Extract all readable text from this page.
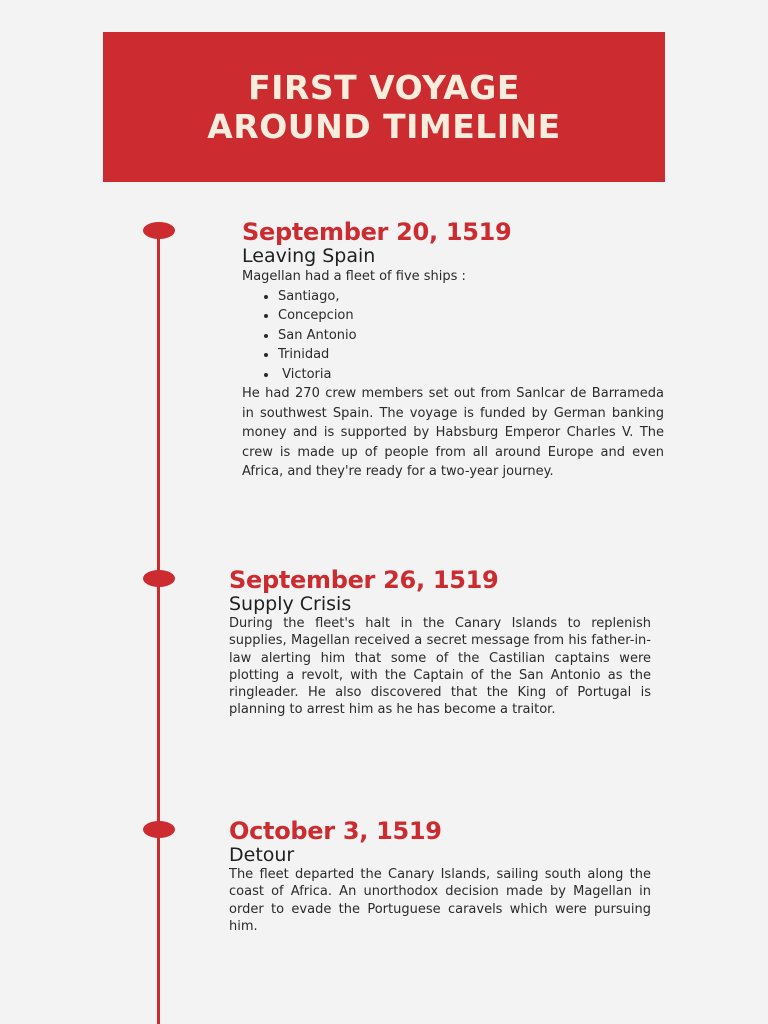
FIRST VOYAGE
AROUND TIMELINE
September 20, 1519
Leaving Spain

Magellan had a fleet of five ships :

• Santiago,
• Concepcion
• San Antonio
• Trinidad
•  Victoria

He had 270 crew members set out from Sanlcar de Barrameda in southwest Spain. The voyage is funded by German banking money and is supported by Habsburg Emperor Charles V. The crew is made up of people from all around Europe and even Africa, and they're ready for a two-year journey.

September 26, 1519
Supply Crisis

During the fleet's halt in the Canary Islands to replenish supplies, Magellan received a secret message from his father-in-law alerting him that some of the Castilian captains were plotting a revolt, with the Captain of the San Antonio as the ringleader. He also discovered that the King of Portugal is planning to arrest him as he has become a traitor.

October 3, 1519
Detour

The fleet departed the Canary Islands, sailing south along the coast of Africa. An unorthodox decision made by Magellan in order to evade the Portuguese caravels which were pursuing him.
